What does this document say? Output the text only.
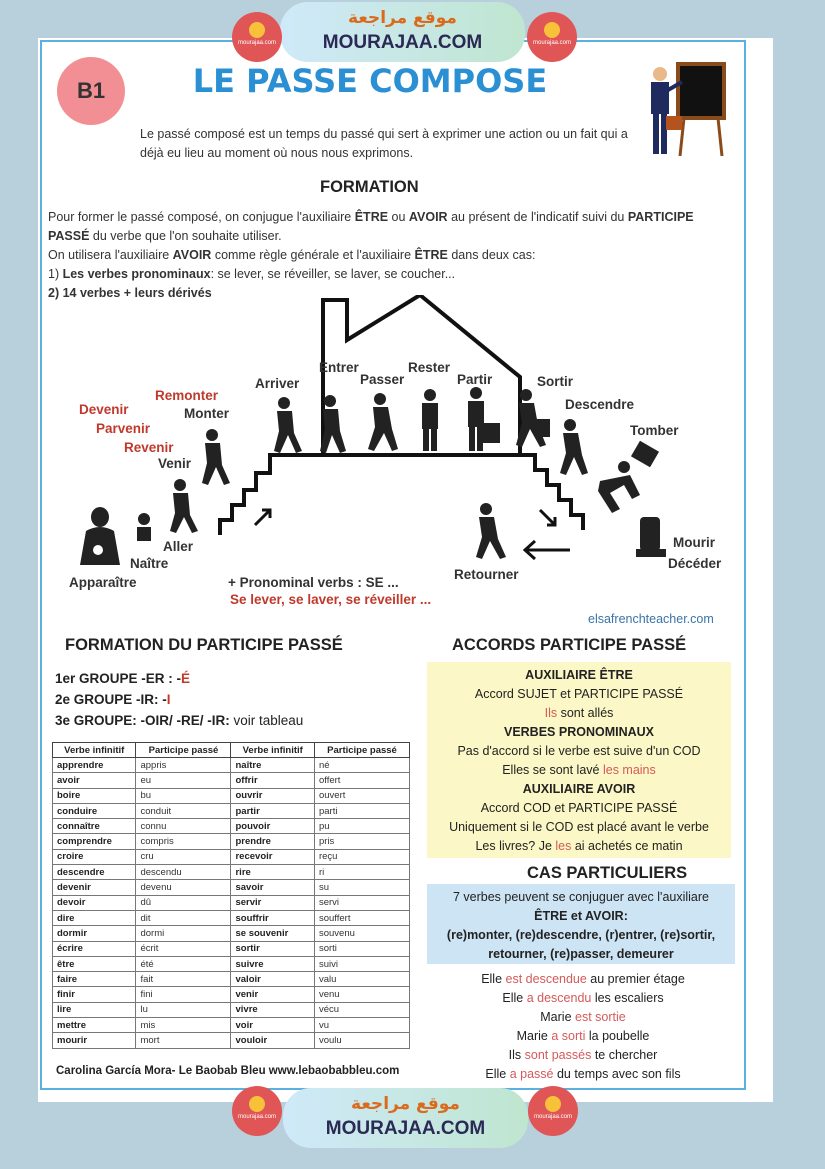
موقع مراجعة
MOURAJAA.COM
mourajaa.com	mourajaa.com
B1	LE PASSE COMPOSE
Le passé composé est un temps du passé qui sert à exprimer une action ou un fait qui a déjà eu lieu au moment où nous nous exprimons.
FORMATION
Pour former le passé composé, on conjugue l'auxiliaire ÊTRE ou AVOIR au présent de l'indicatif suivi du PARTICIPE PASSÉ du verbe que l'on souhaite utiliser.
On utilisera l'auxiliaire AVOIR comme règle générale et l'auxiliaire ÊTRE dans deux cas:
1) Les verbes pronominaux: se lever, se réveiller, se laver, se coucher...
2) 14 verbes + leurs dérivés
Devenir
Parvenir
Revenir
Remonter
Monter
Venir
Arriver
Entrer
Passer
Rester
Partir	Sortir
Descendre
Tomber
Aller
Naître
Apparaître
Retourner
Mourir
Décéder
+ Pronominal verbs : SE ...
Se lever, se laver, se réveiller ...
elsafrenchteacher.com
FORMATION DU PARTICIPE PASSÉ
1er GROUPE -ER : -É
2e GROUPE -IR: -I
3e GROUPE: -OIR/ -RE/ -IR: voir tableau
Verbe infinitif	Participe passé	Verbe infinitif	Participe passé
apprendre	appris	naître	né
avoir	eu	offrir	offert
boire	bu	ouvrir	ouvert
conduire	conduit	partir	parti
connaître	connu	pouvoir	pu
comprendre	compris	prendre	pris
croire	cru	recevoir	reçu
descendre	descendu	rire	ri
devenir	devenu	savoir	su
devoir	dû	servir	servi
dire	dit	souffrir	souffert
dormir	dormi	se souvenir	souvenu
écrire	écrit	sortir	sorti
être	été	suivre	suivi
faire	fait	valoir	valu
finir	fini	venir	venu
lire	lu	vivre	vécu
mettre	mis	voir	vu
mourir	mort	vouloir	voulu
Carolina García Mora- Le Baobab Bleu www.lebaobabbleu.com
ACCORDS PARTICIPE PASSÉ
AUXILIAIRE ÊTRE
Accord SUJET et PARTICIPE PASSÉ
Ils sont allés
VERBES PRONOMINAUX
Pas d'accord si le verbe est suive d'un COD
Elles se sont lavé les mains
AUXILIAIRE AVOIR
Accord COD et PARTICIPE PASSÉ
Uniquement si le COD est placé avant le verbe
Les livres? Je les ai achetés ce matin
CAS PARTICULIERS
7 verbes peuvent se conjuguer avec l'auxiliare
ÊTRE et AVOIR:
(re)monter, (re)descendre, (r)entrer, (re)sortir,
retourner, (re)passer, demeurer
Elle est descendue au premier étage
Elle a descendu les escaliers
Marie est sortie
Marie a sorti la poubelle
Ils sont passés te chercher
Elle a passé du temps avec son fils
موقع مراجعة
MOURAJAA.COM
mourajaa.com	mourajaa.com
